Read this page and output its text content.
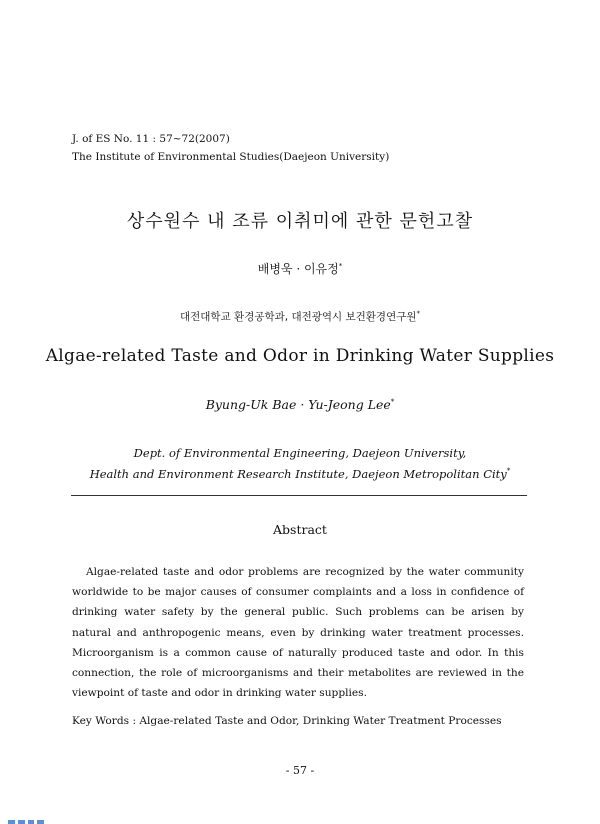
J. of ES No. 11 : 57~72(2007)
The Institute of Environmental Studies(Daejeon University)
상수원수 내 조류 이취미에 관한 문헌고찰
배병욱 · 이유정*
대전대학교 환경공학과, 대전광역시 보건환경연구원*
Algae-related Taste and Odor in Drinking Water Supplies
Byung-Uk Bae · Yu-Jeong Lee*
Dept. of Environmental Engineering, Daejeon University,
Health and Environment Research Institute, Daejeon Metropolitan City*
Abstract

Algae-related taste and odor problems are recognized by the water community worldwide to be major causes of consumer complaints and a loss in confidence of drinking water safety by the general public. Such problems can be arisen by natural and anthropogenic means, even by drinking water treatment processes. Microorganism is a common cause of naturally produced taste and odor. In this connection, the role of microorganisms and their metabolites are reviewed in the viewpoint of taste and odor in drinking water supplies.

Key Words : Algae-related Taste and Odor, Drinking Water Treatment Processes
- 57 -
